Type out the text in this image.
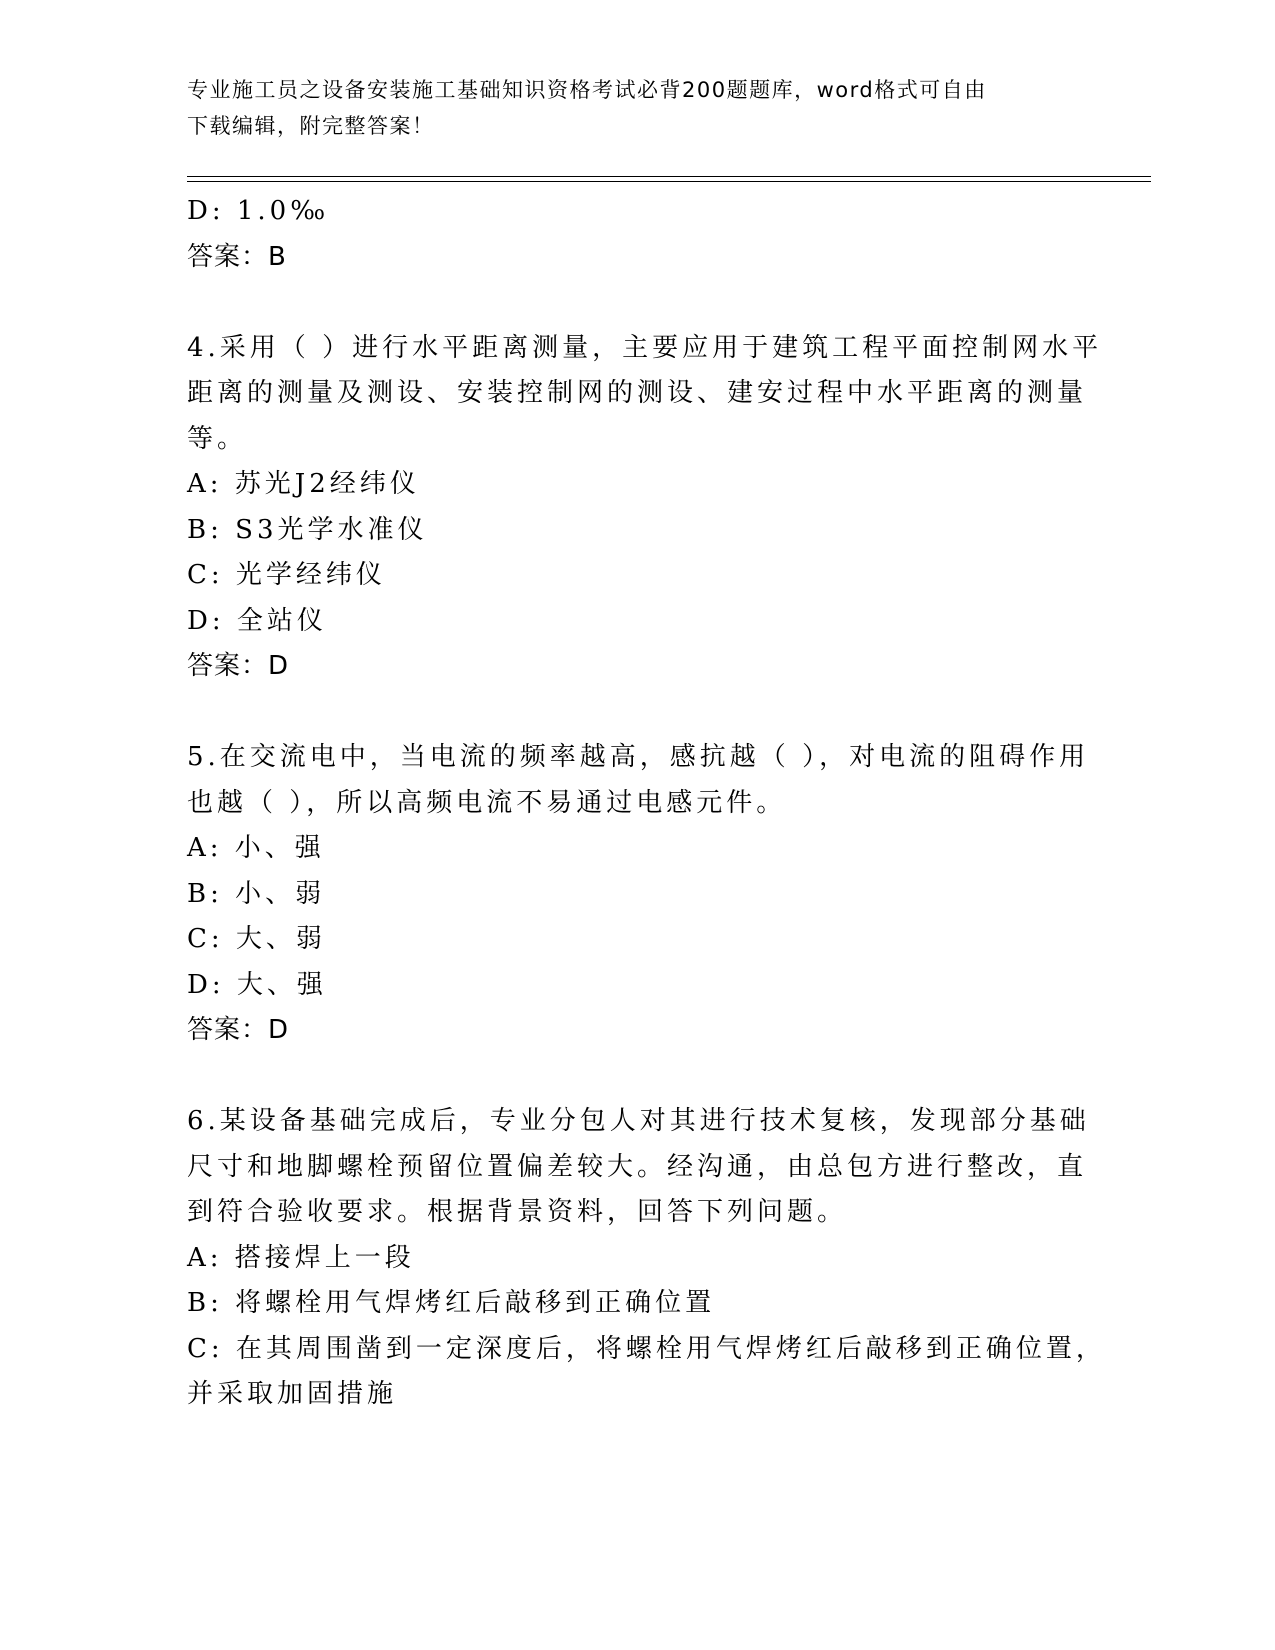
专业施工员之设备安装施工基础知识资格考试必背200题题库，word格式可自由
下载编辑，附完整答案！
D: 1.0‰
答案：B
4.采用（ ）进行水平距离测量，主要应用于建筑工程平面控制网水平
距离的测量及测设、安装控制网的测设、建安过程中水平距离的测量
等。
A: 苏光J2经纬仪
B: S3光学水准仪
C: 光学经纬仪
D: 全站仪
答案：D
5.在交流电中，当电流的频率越高，感抗越（ ），对电流的阻碍作用
也越（ ），所以高频电流不易通过电感元件。
A: 小、强
B: 小、弱
C: 大、弱
D: 大、强
答案：D
6.某设备基础完成后，专业分包人对其进行技术复核，发现部分基础
尺寸和地脚螺栓预留位置偏差较大。经沟通，由总包方进行整改，直
到符合验收要求。根据背景资料，回答下列问题。
A: 搭接焊上一段
B: 将螺栓用气焊烤红后敲移到正确位置
C: 在其周围凿到一定深度后，将螺栓用气焊烤红后敲移到正确位置，
并采取加固措施
